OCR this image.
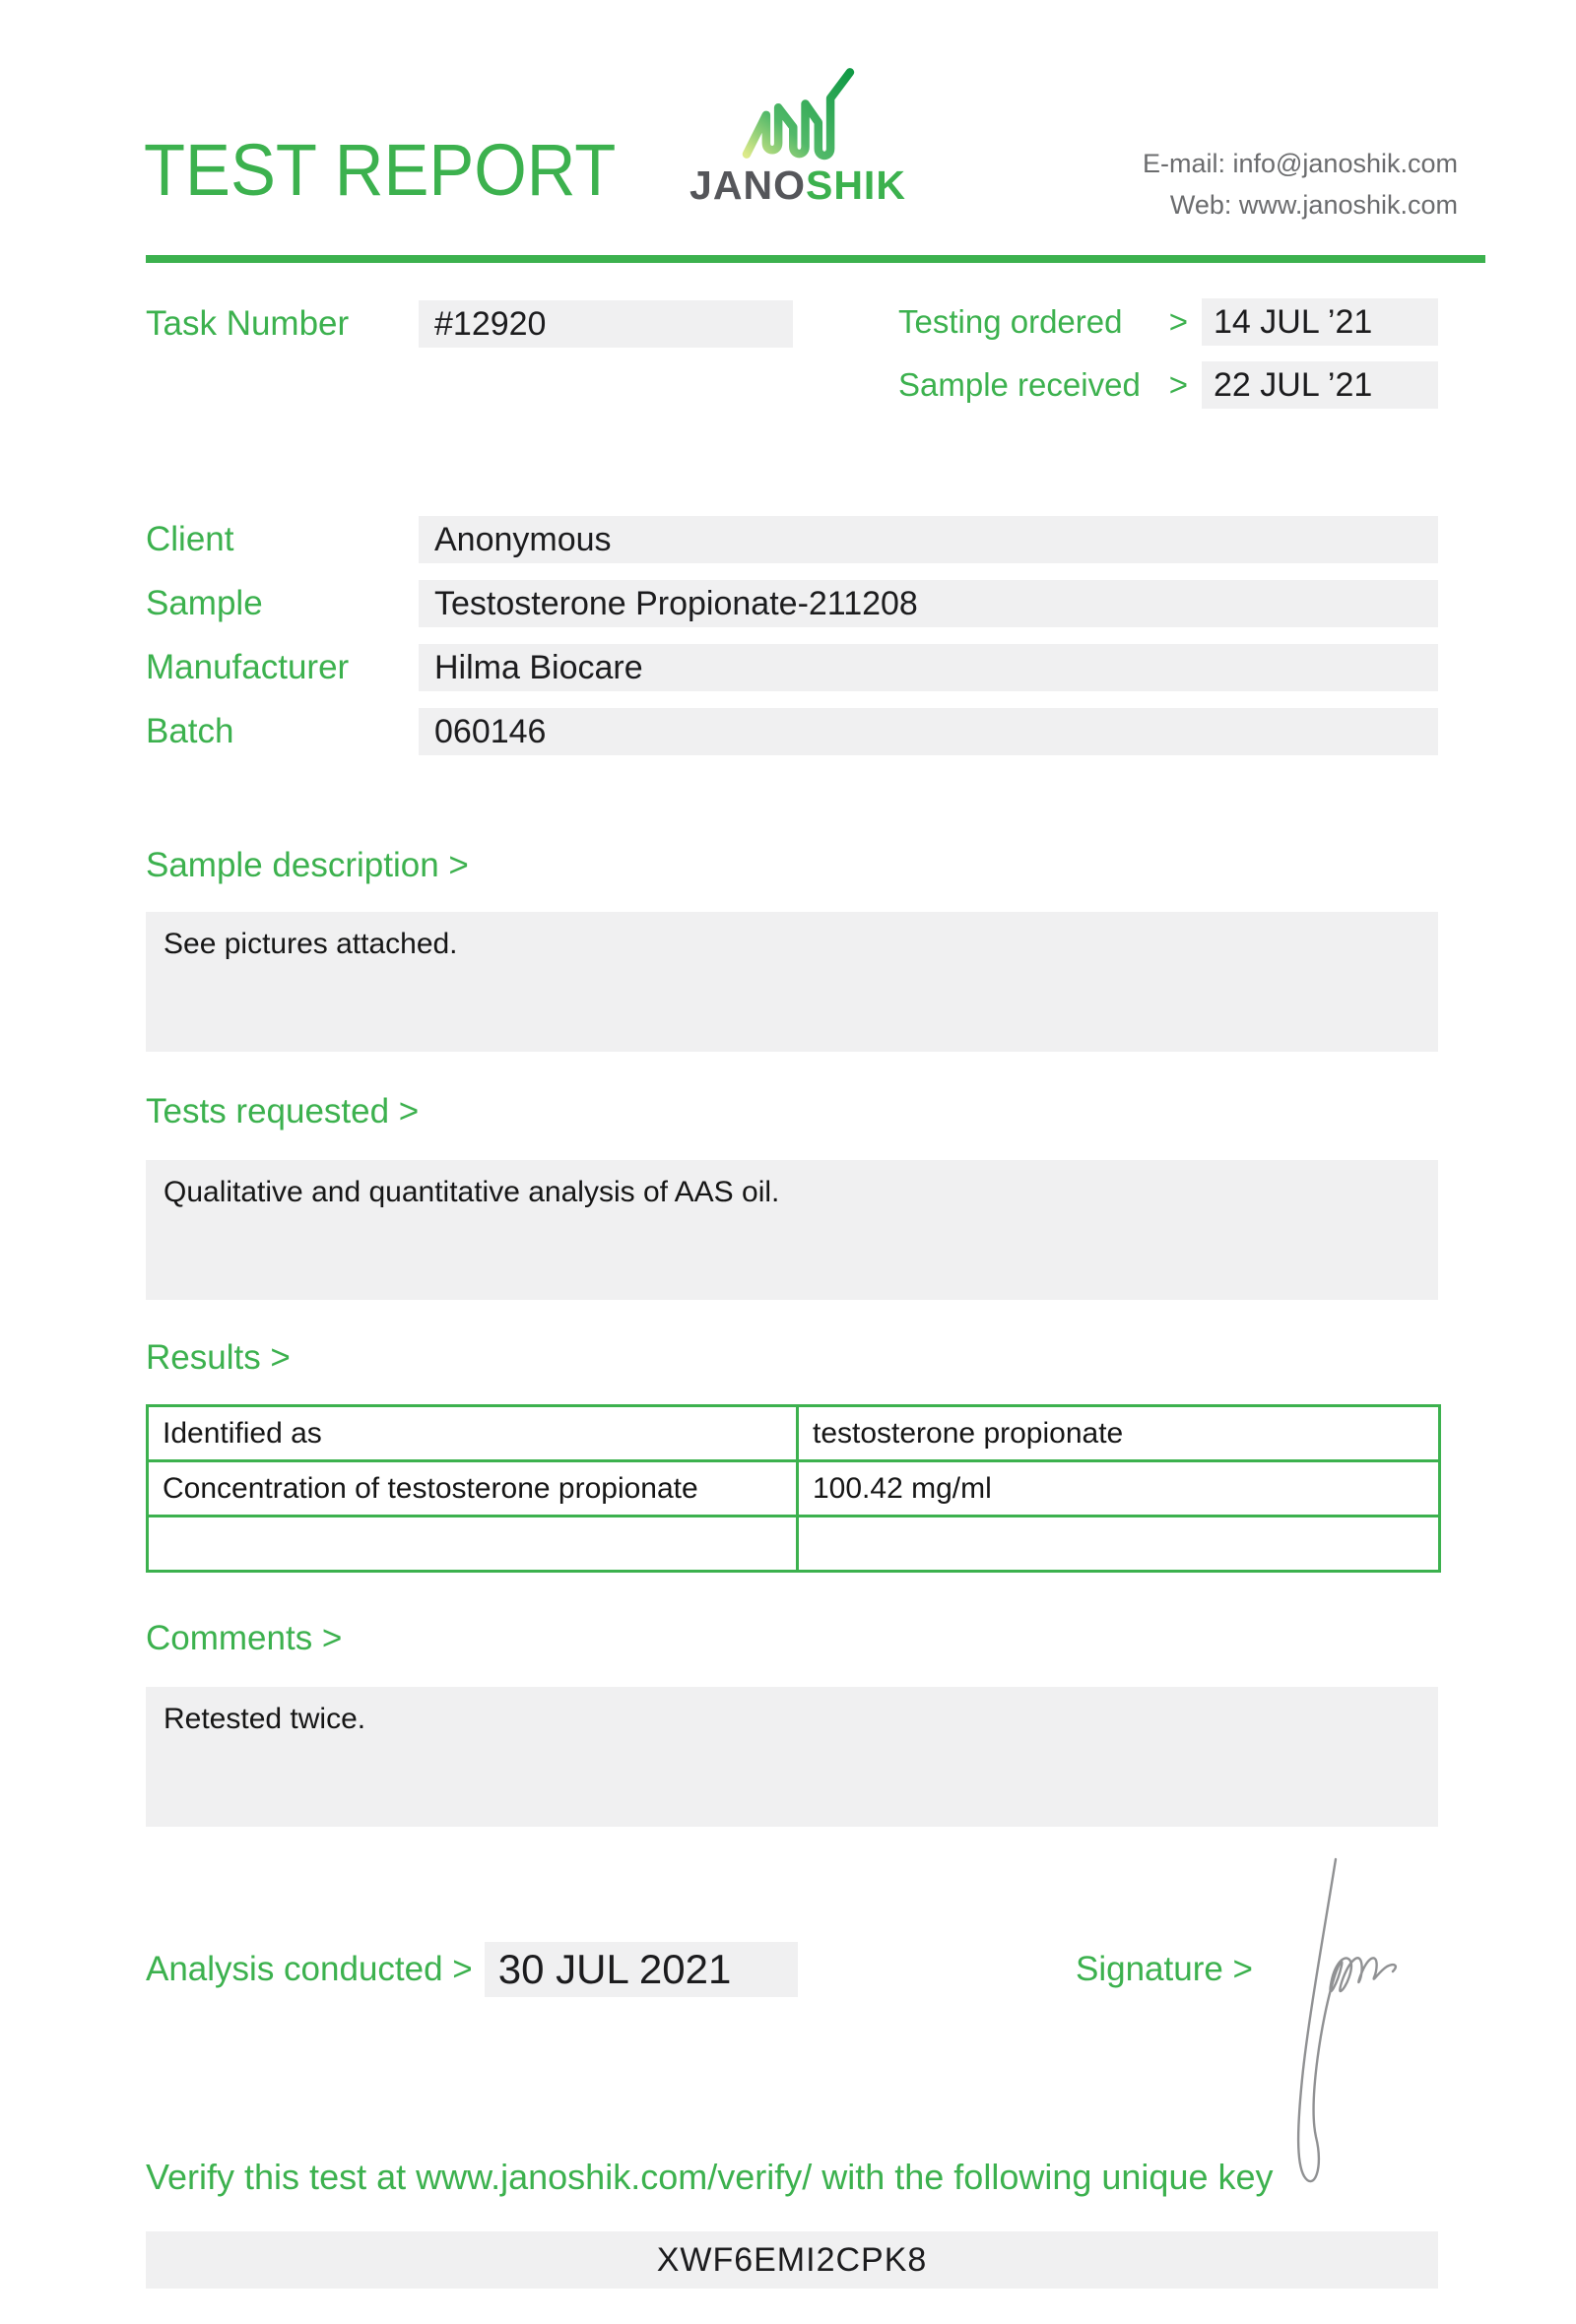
TEST REPORT JANOSHIK	E-mail: info@janoshik.com
Web: www.janoshik.com
Task Number	#12920	Testing ordered > 14 JUL ’21
Sample received > 22 JUL ’21
Client	Anonymous
Sample	Testosterone Propionate-211208
Manufacturer	Hilma Biocare
Batch	060146
Sample description >
See pictures attached.
Tests requested >
Qualitative and quantitative analysis of AAS oil.
Results >
Identified as	testosterone propionate
Concentration of testosterone propionate	100.42 mg/ml

Comments >
Retested twice.
Analysis conducted > 30 JUL 2021	Signature >
Verify this test at www.janoshik.com/verify/ with the following unique key
XWF6EMI2CPK8
